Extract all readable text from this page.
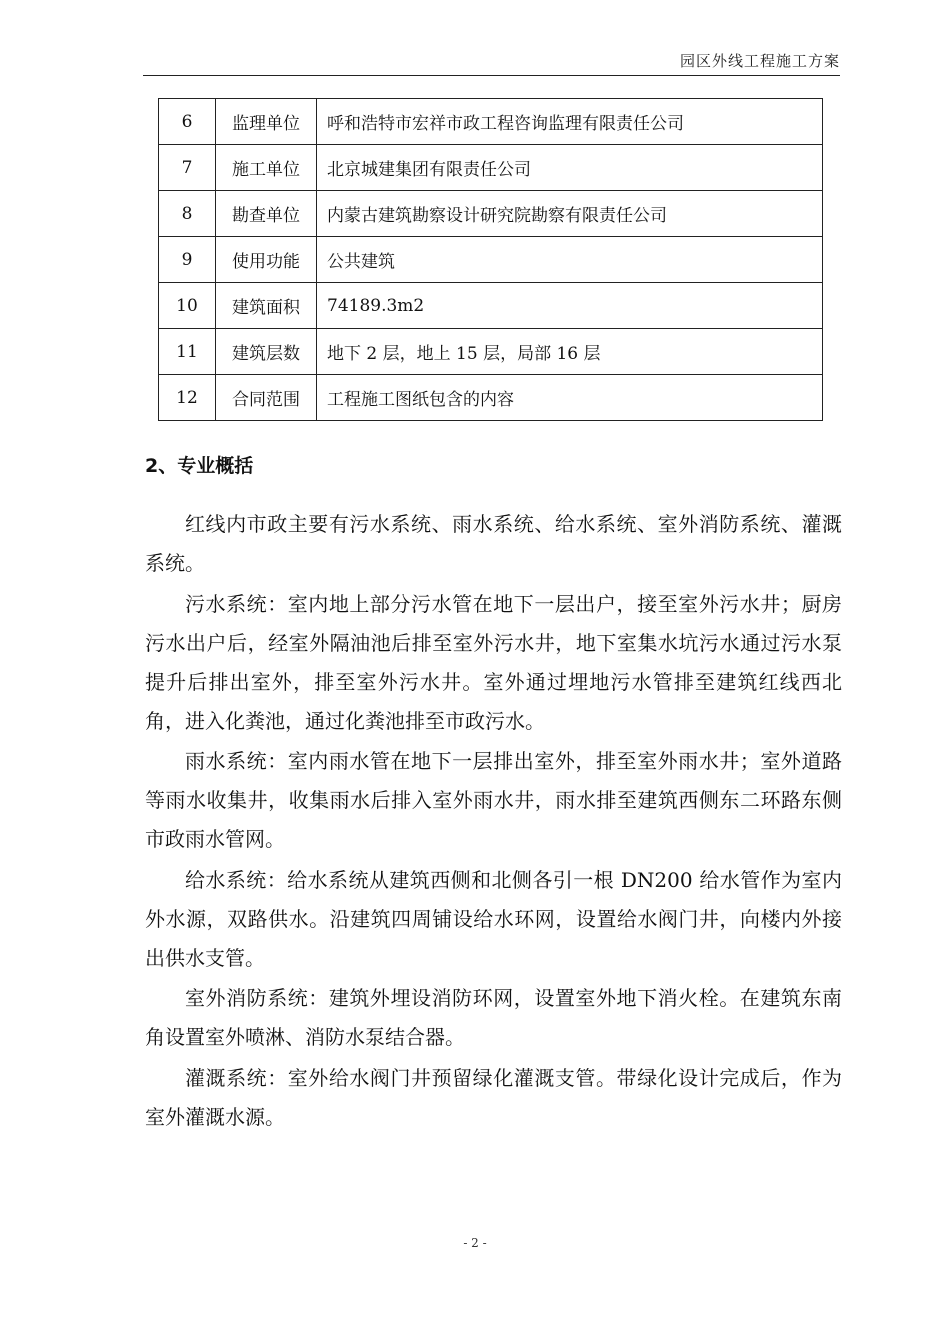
园区外线工程施工方案
6	监理单位	呼和浩特市宏祥市政工程咨询监理有限责任公司
7	施工单位	北京城建集团有限责任公司
8	勘查单位	内蒙古建筑勘察设计研究院勘察有限责任公司
9	使用功能	公共建筑
10	建筑面积	74189.3m2
11	建筑层数	地下 2 层，地上 15 层，局部 16 层
12	合同范围	工程施工图纸包含的内容
2、专业概括

红线内市政主要有污水系统、雨水系统、给水系统、室外消防系统、灌溉系统。

污水系统：室内地上部分污水管在地下一层出户，接至室外污水井；厨房污水出户后，经室外隔油池后排至室外污水井，地下室集水坑污水通过污水泵提升后排出室外，排至室外污水井。室外通过埋地污水管排至建筑红线西北角，进入化粪池，通过化粪池排至市政污水。

雨水系统：室内雨水管在地下一层排出室外，排至室外雨水井；室外道路等雨水收集井，收集雨水后排入室外雨水井，雨水排至建筑西侧东二环路东侧市政雨水管网。

给水系统：给水系统从建筑西侧和北侧各引一根 DN200 给水管作为室内外水源，双路供水。沿建筑四周铺设给水环网，设置给水阀门井，向楼内外接出供水支管。

室外消防系统：建筑外埋设消防环网，设置室外地下消火栓。在建筑东南角设置室外喷淋、消防水泵结合器。

灌溉系统：室外给水阀门井预留绿化灌溉支管。带绿化设计完成后，作为室外灌溉水源。

- 2 -
